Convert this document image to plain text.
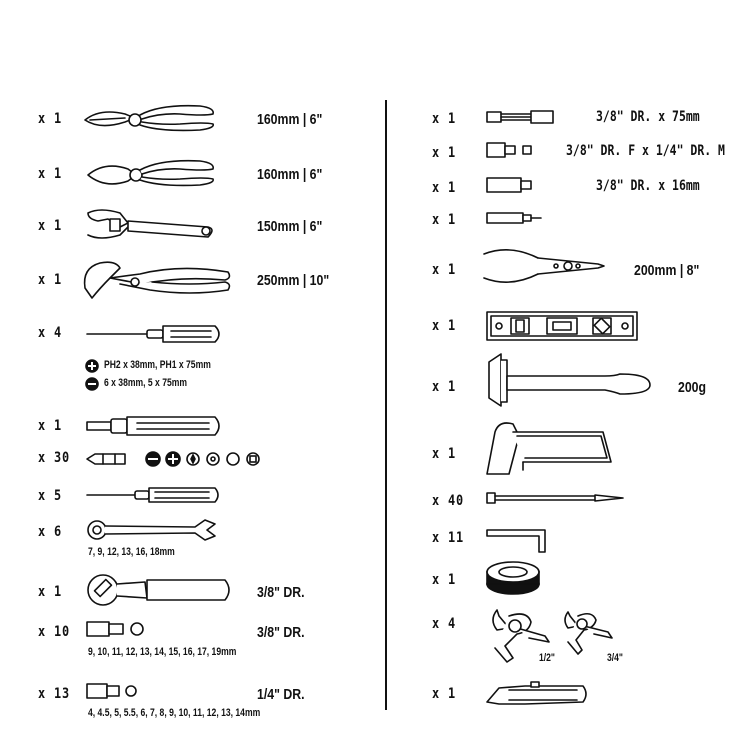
x 1	160mm | 6"
x 1	160mm | 6"
x 1	150mm | 6"
x 1	250mm | 10"
x 4
PH2 x 38mm, PH1 x 75mm
6 x 38mm, 5 x 75mm
x 1
x 30
x 5
x 6
7, 9, 12, 13, 16, 18mm
x 1	3/8" DR.
x 10	3/8" DR.
9, 10, 11, 12, 13, 14, 15, 16, 17, 19mm
x 13	1/4" DR.
4, 4.5, 5, 5.5, 6, 7, 8, 9, 10, 11, 12, 13, 14mm
x 1	3/8" DR. x 75mm
x 1	3/8" DR. F x 1/4" DR. M
x 1	3/8" DR. x 16mm
x 1
x 1	200mm | 8"
x 1
x 1	200g
x 1
x 40
x 11
x 1
x 4
1/2"	3/4"
x 1
